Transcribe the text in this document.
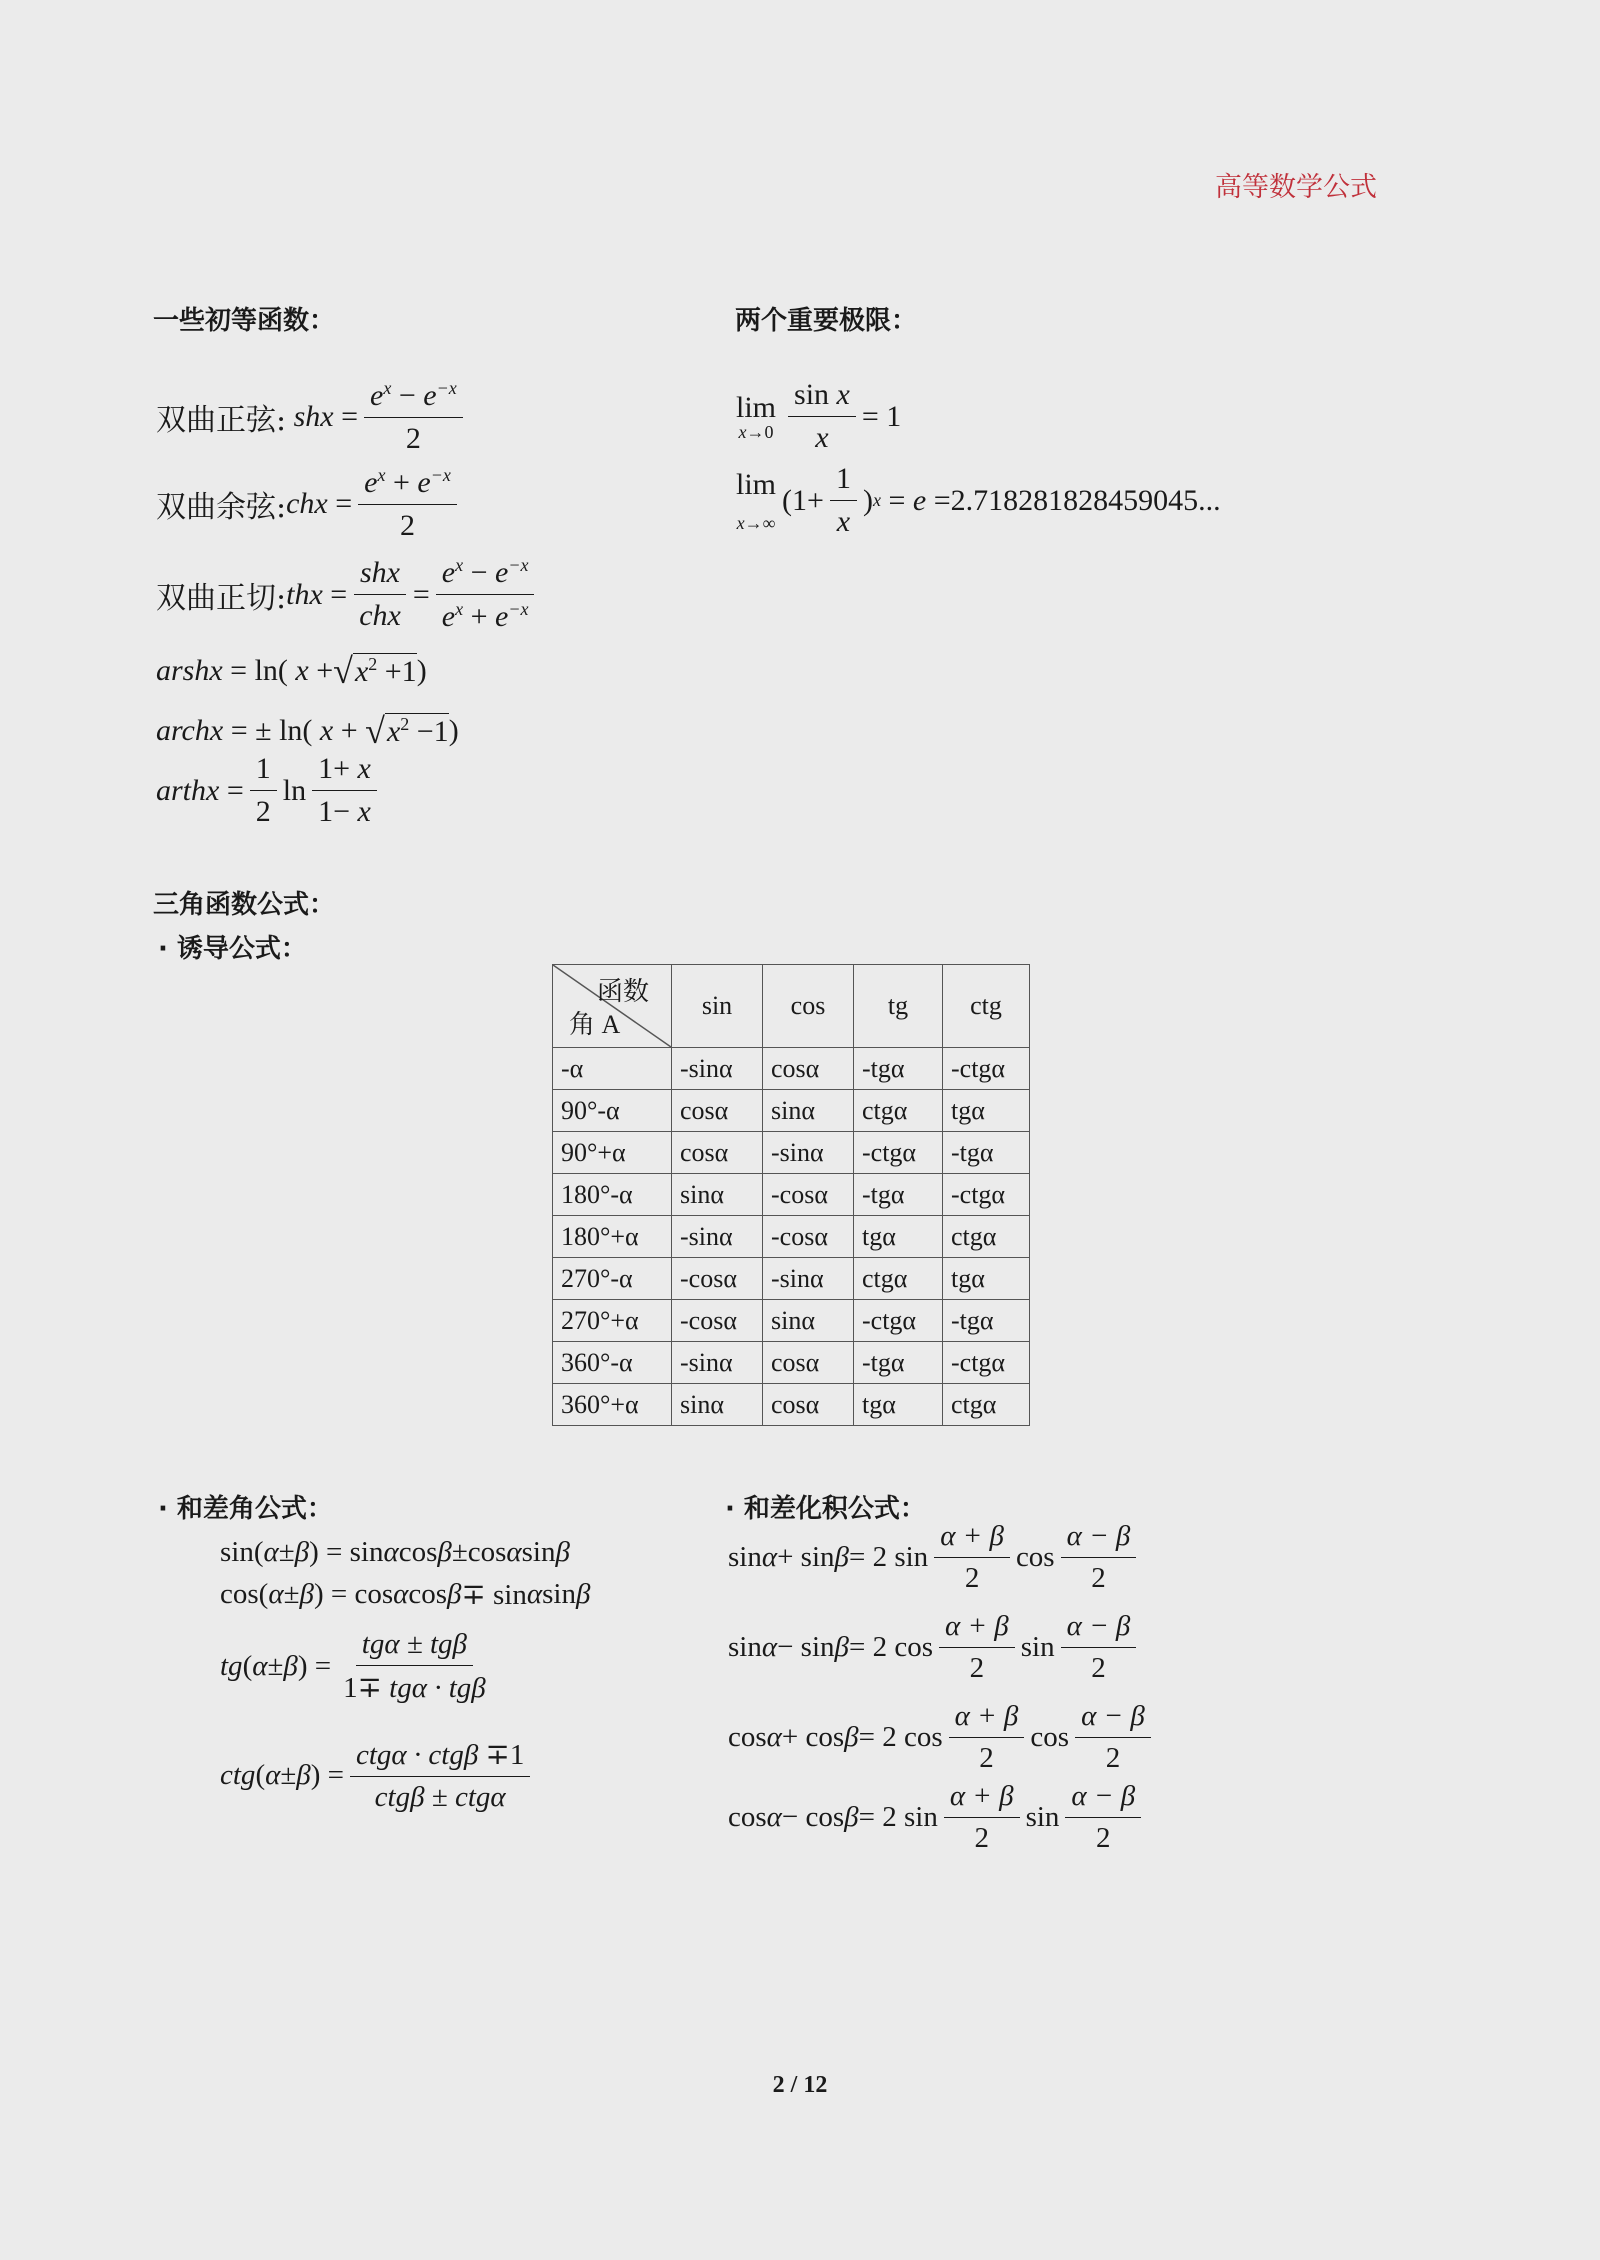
高等数学公式
一些初等函数：	两个重要极限：
三角函数公式：
· 诱导公式：
· 和差角公式：	· 和差化积公式：
双曲正弦: shx = $\frac{e^x - e^{-x}}{2}$
双曲余弦: chx = $\frac{e^x + e^{-x}}{2}$
双曲正切: thx = $\frac{\text{shx}}{\text{chx}} = \frac{e^x - e^{-x}}{e^x + e^{-x}}$
arshx = ln( x + √ $x^2 +1$ )
archx = ± ln( x + √ $x^2 -1$ )
arthx = $\frac{1}{2}$ $\ln \frac{1+ x}{1- x}$
lim
$x\to 0 \frac{\text{sin x}}{x} = 1$
lim
x→∞
($1+ \frac{1}{x}$ ) x = e = 2.718281828459045...
函数
角 A	sin	cos	tg	ctg
-α	-sinα	cosα	-tgα	-ctgα
90°-α	cosα	sinα	ctgα	tgα
90°+α	cosα	-sinα	-ctgα	-tgα
180°-α	sinα	-cosα	-tgα	-ctgα
180°+α	-sinα	-cosα	tgα	ctgα
270°-α	-cosα	-sinα	ctgα	tgα
270°+α	-cosα	sinα	-ctgα	-tgα
360°-α	-sinα	cosα	-tgα	-ctgα
360°+α	sinα	cosα	tgα	ctgα
sin( α ± β ) = sin α cos β ±cos α sin β
cos( α ± β ) = cos α cos β ∓ sin α sin β
tg ( α ± β ) = $\frac{\text{tgα ± tgβ}}{\text{1∓ tgα · tgβ}}$
ctg ( α ± β ) = $\frac{\text{ctgα · ctgβ ∓1}}{\text{ctgβ ± ctgα}}$
sin α + sin β = 2 $\sin \frac{\alpha + \beta}{2}$ $\cos \frac{\alpha - \beta}{2}$
sin α − sin β = 2 $\cos \frac{\alpha + \beta}{2}$ $\sin \frac{\alpha - \beta}{2}$
cos α + cos β = 2 $\cos \frac{\alpha + \beta}{2}$ $\cos \frac{\alpha - \beta}{2}$
cos α − cos β = 2 $\sin \frac{\alpha + \beta}{2}$ $\sin \frac{\alpha - \beta}{2}$
2 / 12
